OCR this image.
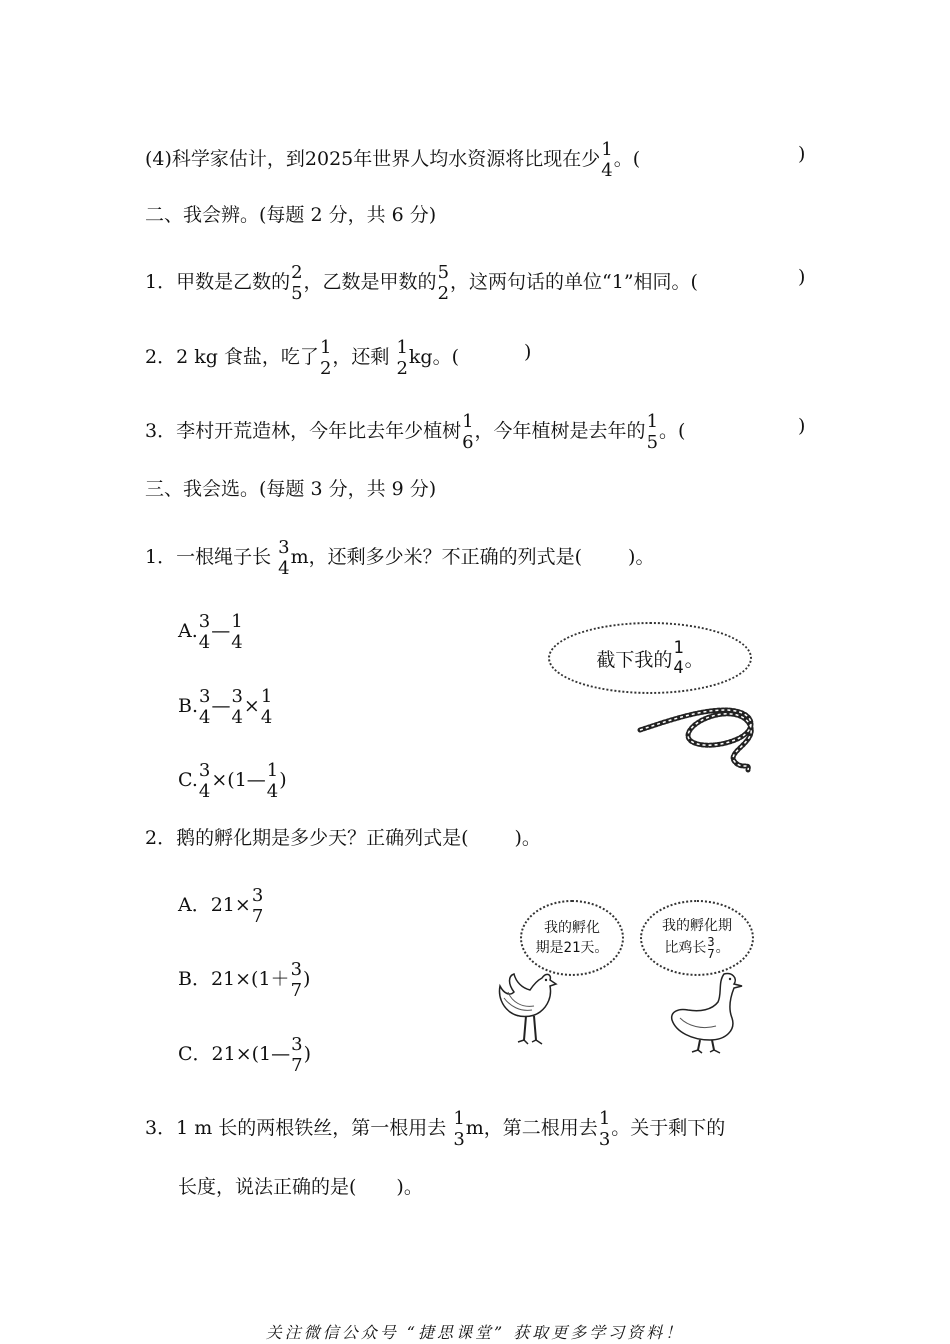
(4)科学家估计，到2025年世界人均水资源将比现在少 1
4
。(	)
二、我会辨。(每题 2 分，共 6 分)
1．甲数是乙数的 2
5
，乙数是甲数的 5
2
，这两句话的单位“1”相同。(	)
2．2 kg 食盐，吃了 1
2
，还剩 1
2
kg。(	)
3．李村开荒造林，今年比去年少植树 1
6
，今年植树是去年的 1
5
。(	)
三、我会选。(每题 3 分，共 9 分)
1．一根绳子长 3
4
m，还剩多少米？不正确的列式是( )。
A. 3
4
— 1
4
B. 3
4
— 3
4
× 1
4
C. 3
4
×(1— 1
4
)
截下我的
1
4 。
2．鹅的孵化期是多少天？正确列式是( )。
A．21× 3
7
B．21×(1＋ 3
7
)
C．21×(1— 3
7
)
我的孵化
期是21天。
我的孵化期
比鸡长 3
7 。
3．1 m 长的两根铁丝，第一根用去 1
3
m，第二根用去 1
3
。关于剩下的
长度，说法正确的是( )。
关注微信公众号 “捷思课堂” 获取更多学习资料！
